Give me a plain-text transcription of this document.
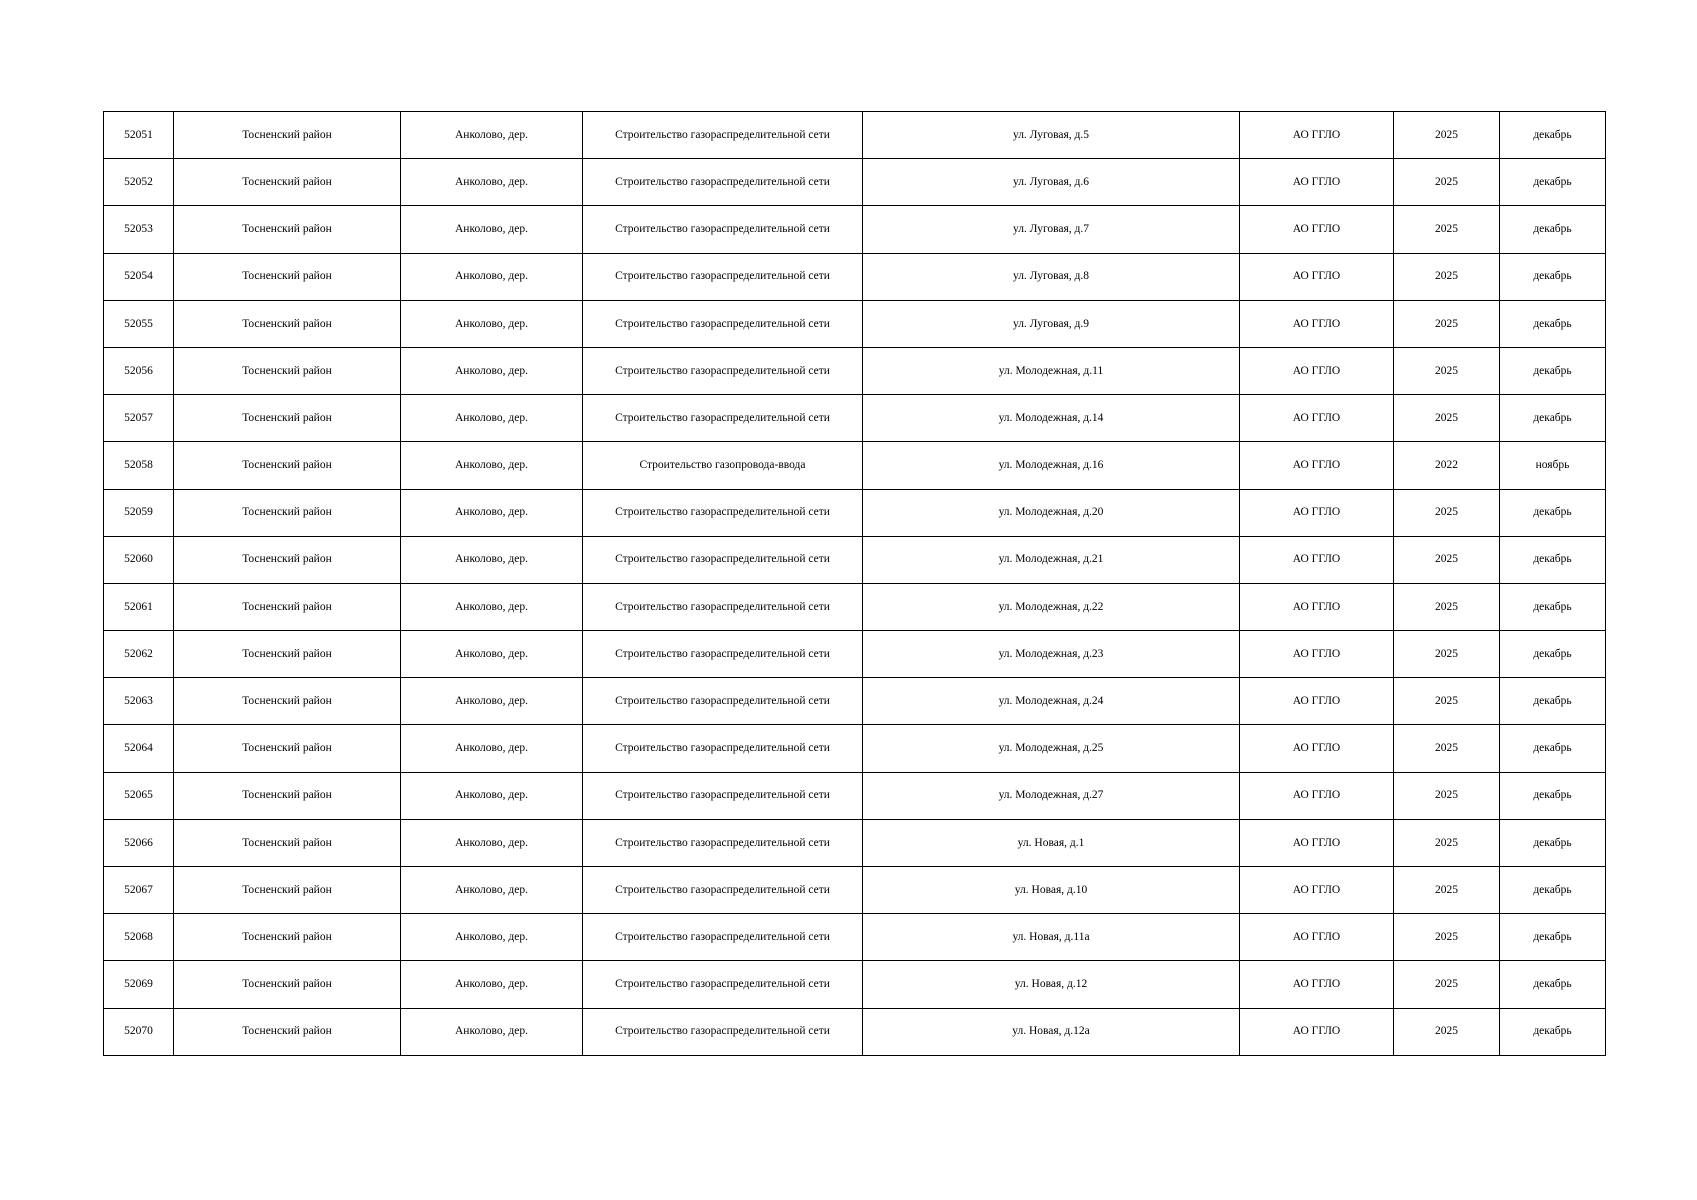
52051	Тосненский район	Анколово, дер.	Строительство газораспределительной сети	ул. Луговая, д.5	АО ГГЛО	2025	декабрь
52052	Тосненский район	Анколово, дер.	Строительство газораспределительной сети	ул. Луговая, д.6	АО ГГЛО	2025	декабрь
52053	Тосненский район	Анколово, дер.	Строительство газораспределительной сети	ул. Луговая, д.7	АО ГГЛО	2025	декабрь
52054	Тосненский район	Анколово, дер.	Строительство газораспределительной сети	ул. Луговая, д.8	АО ГГЛО	2025	декабрь
52055	Тосненский район	Анколово, дер.	Строительство газораспределительной сети	ул. Луговая, д.9	АО ГГЛО	2025	декабрь
52056	Тосненский район	Анколово, дер.	Строительство газораспределительной сети	ул. Молодежная, д.11	АО ГГЛО	2025	декабрь
52057	Тосненский район	Анколово, дер.	Строительство газораспределительной сети	ул. Молодежная, д.14	АО ГГЛО	2025	декабрь
52058	Тосненский район	Анколово, дер.	Строительство газопровода-ввода	ул. Молодежная, д.16	АО ГГЛО	2022	ноябрь
52059	Тосненский район	Анколово, дер.	Строительство газораспределительной сети	ул. Молодежная, д.20	АО ГГЛО	2025	декабрь
52060	Тосненский район	Анколово, дер.	Строительство газораспределительной сети	ул. Молодежная, д.21	АО ГГЛО	2025	декабрь
52061	Тосненский район	Анколово, дер.	Строительство газораспределительной сети	ул. Молодежная, д.22	АО ГГЛО	2025	декабрь
52062	Тосненский район	Анколово, дер.	Строительство газораспределительной сети	ул. Молодежная, д.23	АО ГГЛО	2025	декабрь
52063	Тосненский район	Анколово, дер.	Строительство газораспределительной сети	ул. Молодежная, д.24	АО ГГЛО	2025	декабрь
52064	Тосненский район	Анколово, дер.	Строительство газораспределительной сети	ул. Молодежная, д.25	АО ГГЛО	2025	декабрь
52065	Тосненский район	Анколово, дер.	Строительство газораспределительной сети	ул. Молодежная, д.27	АО ГГЛО	2025	декабрь
52066	Тосненский район	Анколово, дер.	Строительство газораспределительной сети	ул. Новая, д.1	АО ГГЛО	2025	декабрь
52067	Тосненский район	Анколово, дер.	Строительство газораспределительной сети	ул. Новая, д.10	АО ГГЛО	2025	декабрь
52068	Тосненский район	Анколово, дер.	Строительство газораспределительной сети	ул. Новая, д.11а	АО ГГЛО	2025	декабрь
52069	Тосненский район	Анколово, дер.	Строительство газораспределительной сети	ул. Новая, д.12	АО ГГЛО	2025	декабрь
52070	Тосненский район	Анколово, дер.	Строительство газораспределительной сети	ул. Новая, д.12а	АО ГГЛО	2025	декабрь
